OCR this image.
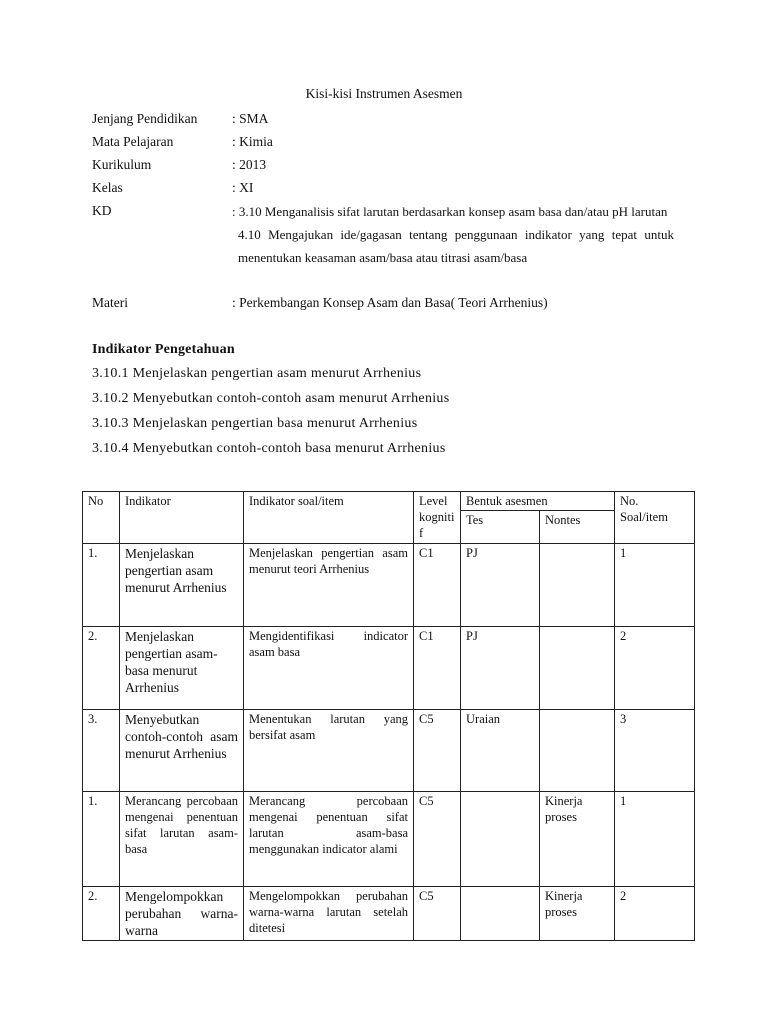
Kisi-kisi Instrumen Asesmen
Jenjang Pendidikan	: SMA
Mata Pelajaran	: Kimia
Kurikulum	: 2013
Kelas	: XI
KD	: 3.10 Menganalisis sifat larutan berdasarkan konsep asam basa dan/atau pH larutan

4.10 Mengajukan ide/gagasan tentang penggunaan indikator yang tepat untuk menentukan keasaman asam/basa atau titrasi asam/basa

Materi	: Perkembangan Konsep Asam dan Basa( Teori Arrhenius)
Indikator Pengetahuan
3.10.1 Menjelaskan pengertian asam menurut Arrhenius
3.10.2 Menyebutkan contoh-contoh asam menurut Arrhenius
3.10.3 Menjelaskan pengertian basa menurut Arrhenius
3.10.4 Menyebutkan contoh-contoh basa menurut Arrhenius
No	Indikator	Indikator soal/item	Level kognitif	Bentuk asesmen		No. Soal/item
				Tes	Nontes	
1.	Menjelaskan pengertian asam menurut Arrhenius	Menjelaskan pengertian asam menurut teori Arrhenius	C1	PJ		1
2.	Menjelaskan pengertian asam-basa menurut Arrhenius	Mengidentifikasi indicator asam basa	C1	PJ		2
3.	Menyebutkan contoh-contoh asam menurut Arrhenius	Menentukan larutan yang bersifat asam	C5	Uraian		3
1.	Merancang percobaan mengenai penentuan sifat larutan asam-basa	Merancang percobaan mengenai penentuan sifat larutan asam-basa menggunakan indicator alami	C5		Kinerja proses	1
2.	Mengelompokkan perubahan warna-warna	Mengelompokkan perubahan warna-warna larutan setelah ditetesi	C5		Kinerja proses	2
